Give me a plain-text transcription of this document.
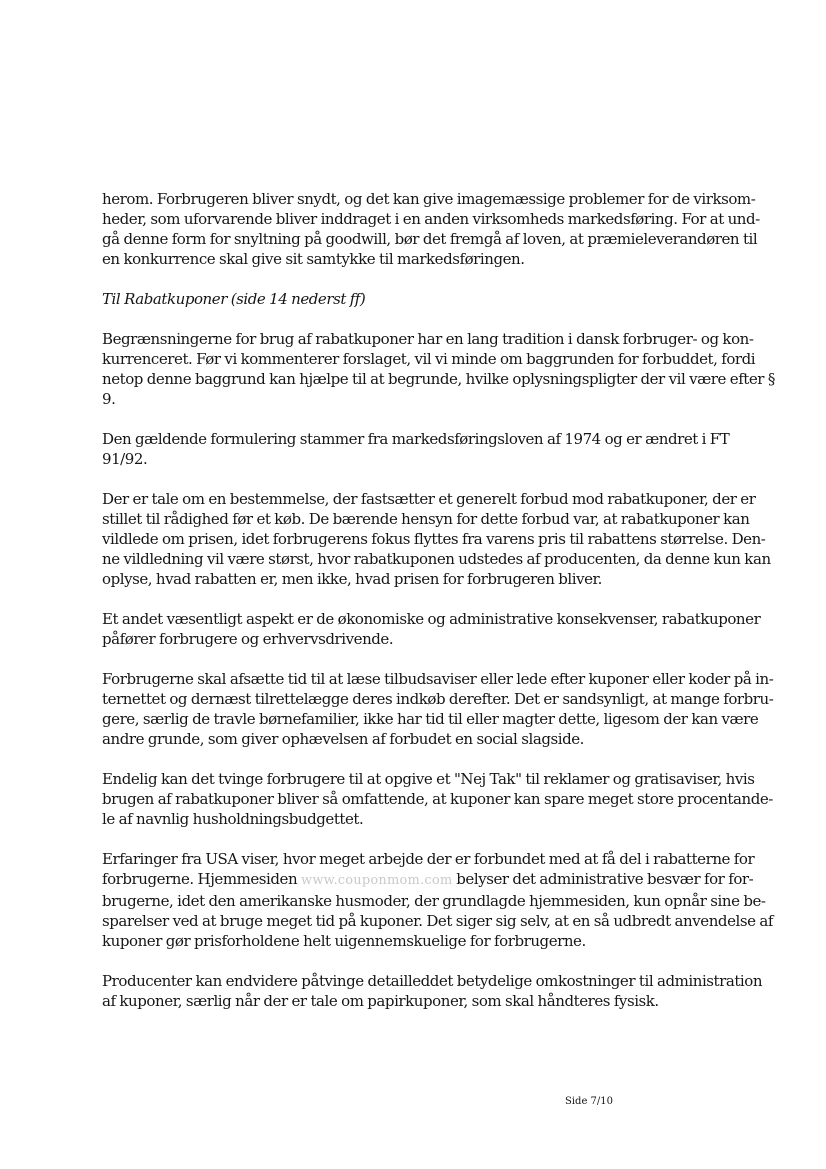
herom. Forbrugeren bliver snydt, og det kan give imagemæssige problemer for de virksom-
heder, som uforvarende bliver inddraget i en anden virksomheds markedsføring. For at und-
gå denne form for snyltning på goodwill, bør det fremgå af loven, at præmieleverandøren til
en konkurrence skal give sit samtykke til markedsføringen.

Til Rabatkuponer (side 14 nederst ff)

Begrænsningerne for brug af rabatkuponer har en lang tradition i dansk forbruger- og kon-
kurrenceret. Før vi kommenterer forslaget, vil vi minde om baggrunden for forbuddet, fordi
netop denne baggrund kan hjælpe til at begrunde, hvilke oplysningspligter der vil være efter §
9.

Den gældende formulering stammer fra markedsføringsloven af 1974 og er ændret i FT
91/92.

Der er tale om en bestemmelse, der fastsætter et generelt forbud mod rabatkuponer, der er
stillet til rådighed før et køb. De bærende hensyn for dette forbud var, at rabatkuponer kan
vildlede om prisen, idet forbrugerens fokus flyttes fra varens pris til rabattens størrelse. Den-
ne vildledning vil være størst, hvor rabatkuponen udstedes af producenten, da denne kun kan
oplyse, hvad rabatten er, men ikke, hvad prisen for forbrugeren bliver.

Et andet væsentligt aspekt er de økonomiske og administrative konsekvenser, rabatkuponer
påfører forbrugere og erhvervsdrivende.

Forbrugerne skal afsætte tid til at læse tilbudsaviser eller lede efter kuponer eller koder på in-
ternettet og dernæst tilrettelægge deres indkøb derefter. Det er sandsynligt, at mange forbru-
gere, særlig de travle børnefamilier, ikke har tid til eller magter dette, ligesom der kan være
andre grunde, som giver ophævelsen af forbudet en social slagside.

Endelig kan det tvinge forbrugere til at opgive et "Nej Tak" til reklamer og gratisaviser, hvis
brugen af rabatkuponer bliver så omfattende, at kuponer kan spare meget store procentande-
le af navnlig husholdningsbudgettet.

Erfaringer fra USA viser, hvor meget arbejde der er forbundet med at få del i rabatterne for
forbrugerne. Hjemmesiden www.couponmom.com belyser det administrative besvær for for-
brugerne, idet den amerikanske husmoder, der grundlagde hjemmesiden, kun opnår sine be-
sparelser ved at bruge meget tid på kuponer. Det siger sig selv, at en så udbredt anvendelse af
kuponer gør prisforholdene helt uigennemskuelige for forbrugerne.

Producenter kan endvidere påtvinge detailleddet betydelige omkostninger til administration
af kuponer, særlig når der er tale om papirkuponer, som skal håndteres fysisk.

Side 7/10
